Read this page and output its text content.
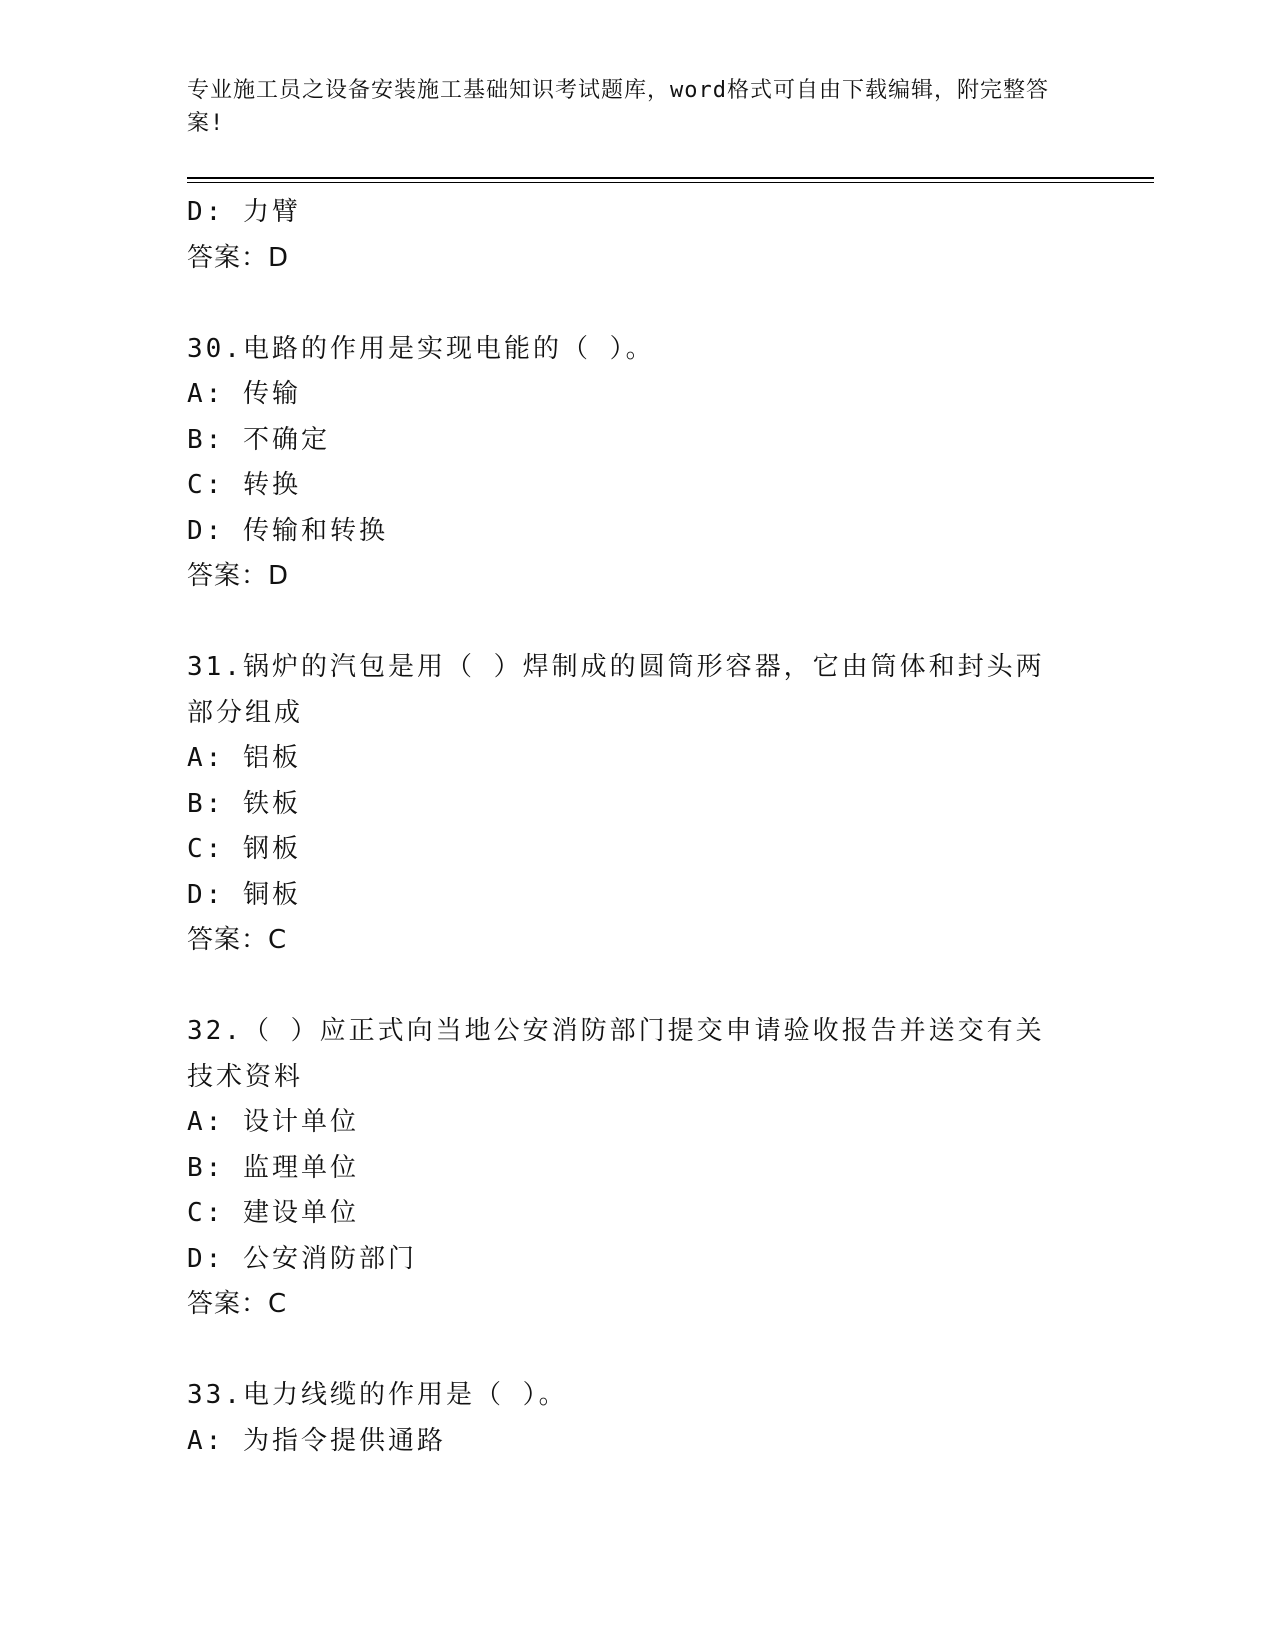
专业施工员之设备安装施工基础知识考试题库，word格式可自由下载编辑，附完整答案!
D: 力臂
答案：D
30.电路的作用是实现电能的（ ）。
A: 传输
B: 不确定
C: 转换
D: 传输和转换
答案：D
31.锅炉的汽包是用（ ）焊制成的圆筒形容器，它由筒体和封头两部分组成
A: 铝板
B: 铁板
C: 钢板
D: 铜板
答案：C
32.（ ）应正式向当地公安消防部门提交申请验收报告并送交有关技术资料
A: 设计单位
B: 监理单位
C: 建设单位
D: 公安消防部门
答案：C
33.电力线缆的作用是（ ）。
A: 为指令提供通路
